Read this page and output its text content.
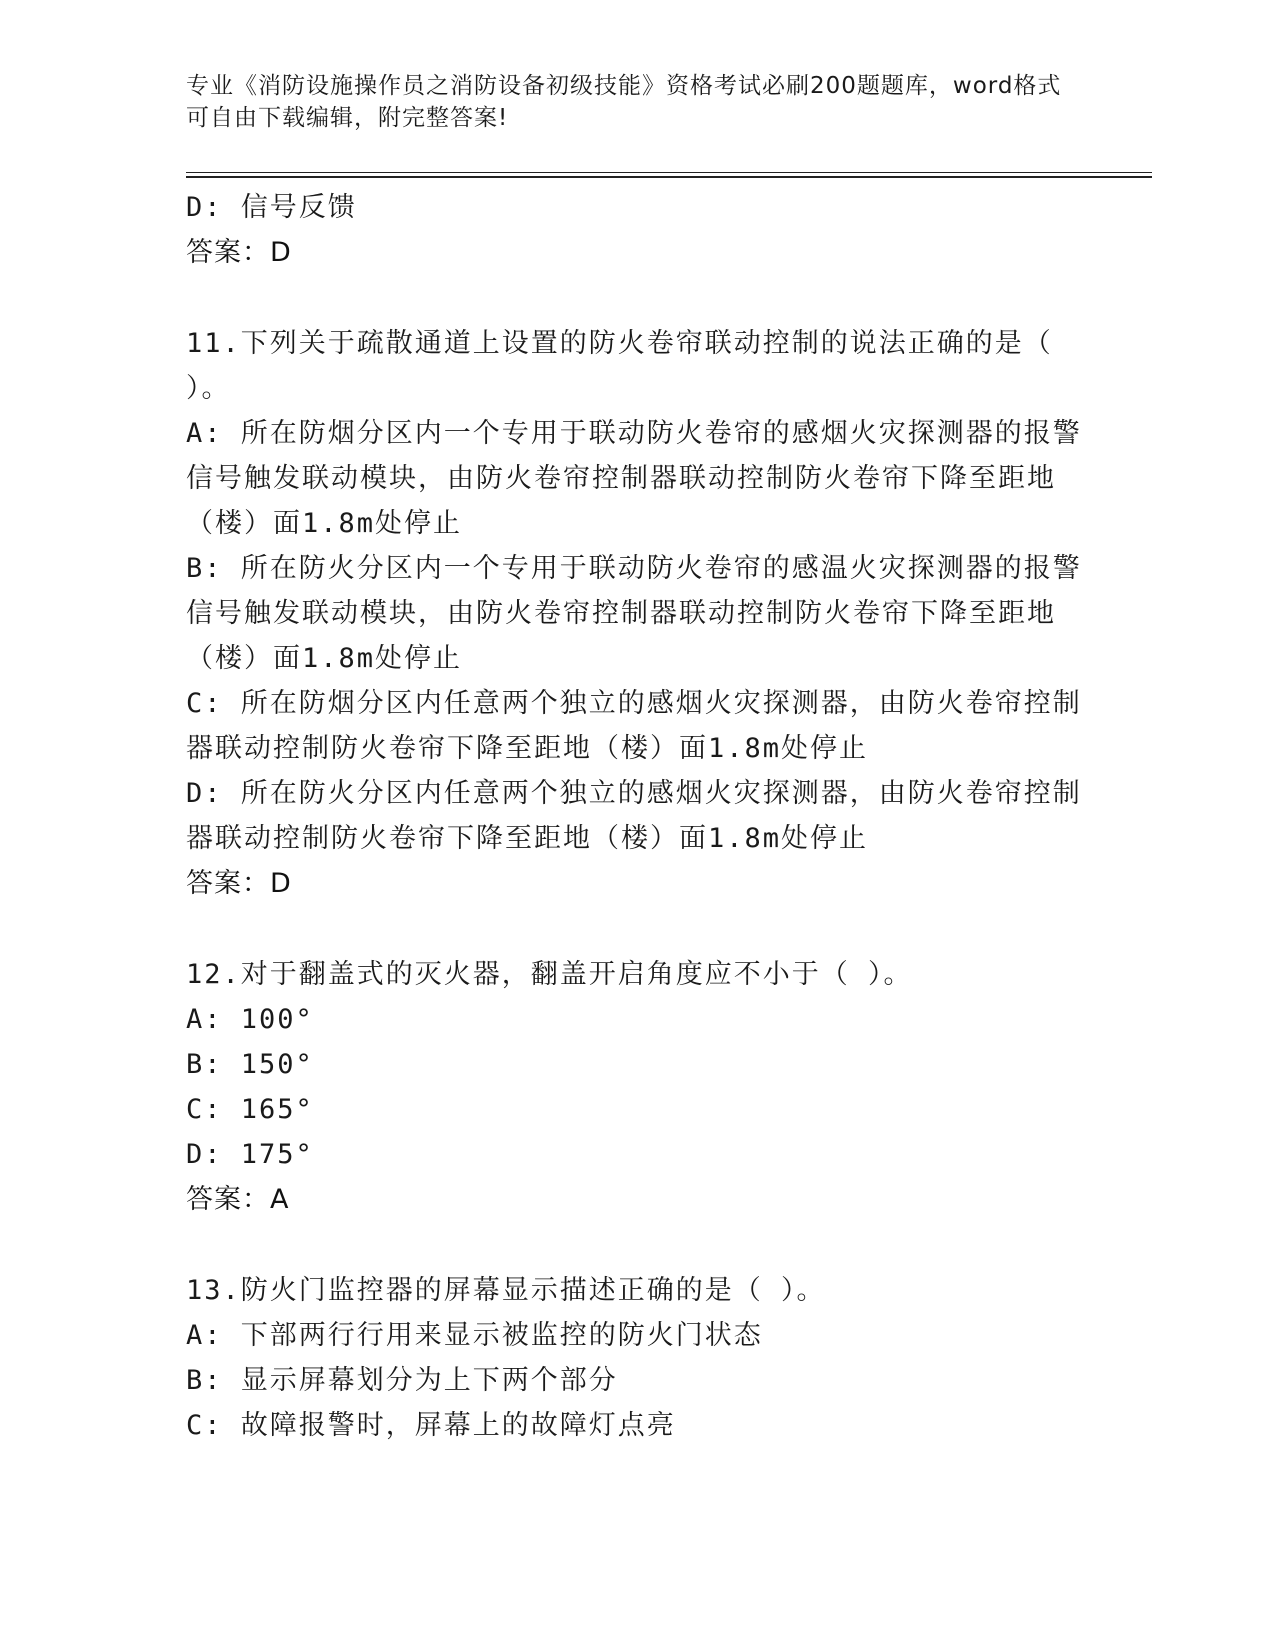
专业《消防设施操作员之消防设备初级技能》资格考试必刷200题题库，word格式可自由下载编辑，附完整答案!
D: 信号反馈
答案：D
11.下列关于疏散通道上设置的防火卷帘联动控制的说法正确的是（ ）。
A: 所在防烟分区内一个专用于联动防火卷帘的感烟火灾探测器的报警信号触发联动模块，由防火卷帘控制器联动控制防火卷帘下降至距地（楼）面1.8m处停止
B: 所在防火分区内一个专用于联动防火卷帘的感温火灾探测器的报警信号触发联动模块，由防火卷帘控制器联动控制防火卷帘下降至距地（楼）面1.8m处停止
C: 所在防烟分区内任意两个独立的感烟火灾探测器，由防火卷帘控制器联动控制防火卷帘下降至距地（楼）面1.8m处停止
D: 所在防火分区内任意两个独立的感烟火灾探测器，由防火卷帘控制器联动控制防火卷帘下降至距地（楼）面1.8m处停止
答案：D
12.对于翻盖式的灭火器，翻盖开启角度应不小于（ ）。
A: 100°
B: 150°
C: 165°
D: 175°
答案：A
13.防火门监控器的屏幕显示描述正确的是（ ）。
A: 下部两行行用来显示被监控的防火门状态
B: 显示屏幕划分为上下两个部分
C: 故障报警时，屏幕上的故障灯点亮
